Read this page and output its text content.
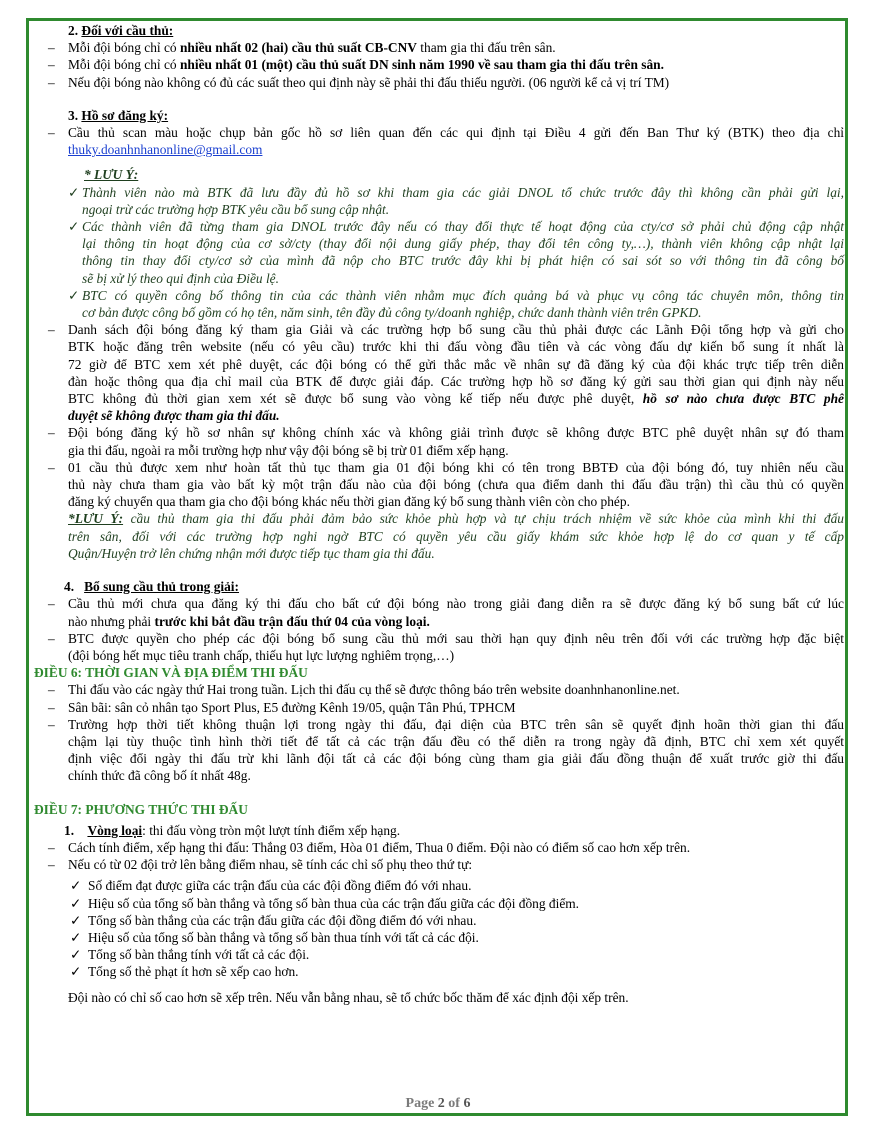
2. Đối với cầu thủ:
– Mỗi đội bóng chỉ có nhiều nhất 02 (hai) cầu thủ suất CB-CNV tham gia thi đấu trên sân.
– Mỗi đội bóng chỉ có nhiều nhất 01 (một) cầu thủ suất DN sinh năm 1990 về sau tham gia thi đấu trên sân.
– Nếu đội bóng nào không có đủ các suất theo qui định này sẽ phải thi đấu thiếu người. (06 người kể cả vị trí TM)
3. Hồ sơ đăng ký:
– Cầu thủ scan màu hoặc chụp bản gốc hồ sơ liên quan đến các qui định tại Điều 4 gửi đến Ban Thư ký (BTK) theo địa chỉ
thuky.doanhnhanonline@gmail.com
* LƯU Ý:
✓ Thành viên nào mà BTK đã lưu đầy đủ hồ sơ khi tham gia các giải DNOL tổ chức trước đây thì không cần phải gửi lại,
ngoại trừ các trường hợp BTK yêu cầu bổ sung cập nhật.
✓ Các thành viên đã từng tham gia DNOL trước đây nếu có thay đổi thực tế hoạt động của cty/cơ sở phải chủ động cập nhật
lại thông tin hoạt động của cơ sở/cty (thay đổi nội dung giấy phép, thay đổi tên công ty,…), thành viên không cập nhật lại
thông tin thay đổi cty/cơ sở của mình đã nộp cho BTC trước đây khi bị phát hiện có sai sót so với thông tin đã công bố
sẽ bị xử lý theo qui định của Điều lệ.
✓ BTC có quyền công bố thông tin của các thành viên nhằm mục đích quảng bá và phục vụ công tác chuyên môn, thông tin
cơ bản được công bố gồm có họ tên, năm sinh, tên đầy đủ công ty/doanh nghiệp, chức danh thành viên trên GPKD.
– Danh sách đội bóng đăng ký tham gia Giải và các trường hợp bổ sung cầu thủ phải được các Lãnh Đội tổng hợp và gửi cho
BTK hoặc đăng trên website (nếu có yêu cầu) trước khi thi đấu vòng đầu tiên và các vòng đấu dự kiến bổ sung ít nhất là
72 giờ để BTC xem xét phê duyệt, các đội bóng có thể gửi thắc mắc về nhân sự đã đăng ký của đội khác trực tiếp trên diễn
đàn hoặc thông qua địa chỉ mail của BTK để được giải đáp. Các trường hợp hồ sơ đăng ký gửi sau thời gian qui định này nếu
BTC không đủ thời gian xem xét sẽ được bổ sung vào vòng kế tiếp nếu được phê duyệt, hồ sơ nào chưa được BTC phê
duyệt sẽ không được tham gia thi đấu.
– Đội bóng đăng ký hồ sơ nhân sự không chính xác và không giải trình được sẽ không được BTC phê duyệt nhân sự đó tham
gia thi đấu, ngoài ra mỗi trường hợp như vậy đội bóng sẽ bị trừ 01 điểm xếp hạng.
– 01 cầu thủ được xem như hoàn tất thủ tục tham gia 01 đội bóng khi có tên trong BBTĐ của đội bóng đó, tuy nhiên nếu cầu
thủ này chưa tham gia vào bất kỳ một trận đấu nào của đội bóng (chưa qua điểm danh thi đấu đầu trận) thì cầu thủ có quyền
đăng ký chuyển qua tham gia cho đội bóng khác nếu thời gian đăng ký bổ sung thành viên còn cho phép.
*LƯU Ý: cầu thủ tham gia thi đấu phải đảm bảo sức khỏe phù hợp và tự chịu trách nhiệm về sức khỏe của mình khi thi đấu
trên sân, đối với các trường hợp nghi ngờ BTC có quyền yêu cầu giấy khám sức khỏe hợp lệ do cơ quan y tế cấp
Quận/Huyện trở lên chứng nhận mới được tiếp tục tham gia thi đấu.
4. Bổ sung cầu thủ trong giải:
– Cầu thủ mới chưa qua đăng ký thi đấu cho bất cứ đội bóng nào trong giải đang diễn ra sẽ được đăng ký bổ sung bất cứ lúc
nào nhưng phải trước khi bắt đầu trận đấu thứ 04 của vòng loại.
– BTC được quyền cho phép các đội bóng bổ sung cầu thủ mới sau thời hạn quy định nêu trên đối với các trường hợp đặc biệt
(đội bóng hết mục tiêu tranh chấp, thiếu hụt lực lượng nghiêm trọng,…)
ĐIỀU 6: THỜI GIAN VÀ ĐỊA ĐIỂM THI ĐẤU
– Thi đấu vào các ngày thứ Hai trong tuần. Lịch thi đấu cụ thể sẽ được thông báo trên website doanhnhanonline.net.
– Sân bãi: sân cỏ nhân tạo Sport Plus, E5 đường Kênh 19/05, quận Tân Phú, TPHCM
– Trường hợp thời tiết không thuận lợi trong ngày thi đấu, đại diện của BTC trên sân sẽ quyết định hoãn thời gian thi đấu
chậm lại tùy thuộc tình hình thời tiết để tất cả các trận đấu đều có thể diễn ra trong ngày đã định, BTC chỉ xem xét quyết
định việc đổi ngày thi đấu trừ khi lãnh đội tất cả các đội bóng cùng tham gia giải đấu đồng thuận để xuất trước giờ thi đấu
chính thức đã công bố ít nhất 48g.
ĐIỀU 7: PHƯƠNG THỨC THI ĐẤU
1. Vòng loại: thi đấu vòng tròn một lượt tính điểm xếp hạng.
– Cách tính điểm, xếp hạng thi đấu: Thắng 03 điểm, Hòa 01 điểm, Thua 0 điểm. Đội nào có điểm số cao hơn xếp trên.
– Nếu có từ 02 đội trở lên bằng điểm nhau, sẽ tính các chỉ số phụ theo thứ tự:
✓ Số điểm đạt được giữa các trận đấu của các đội đồng điểm đó với nhau.
✓ Hiệu số của tổng số bàn thắng và tổng số bàn thua của các trận đấu giữa các đội đồng điểm.
✓ Tổng số bàn thắng của các trận đấu giữa các đội đồng điểm đó với nhau.
✓ Hiệu số của tổng số bàn thắng và tổng số bàn thua tính với tất cả các đội.
✓ Tổng số bàn thắng tính với tất cả các đội.
✓ Tổng số thẻ phạt ít hơn sẽ xếp cao hơn.
Đội nào có chỉ số cao hơn sẽ xếp trên. Nếu vẫn bằng nhau, sẽ tổ chức bốc thăm để xác định đội xếp trên.
Page 2 of 6
